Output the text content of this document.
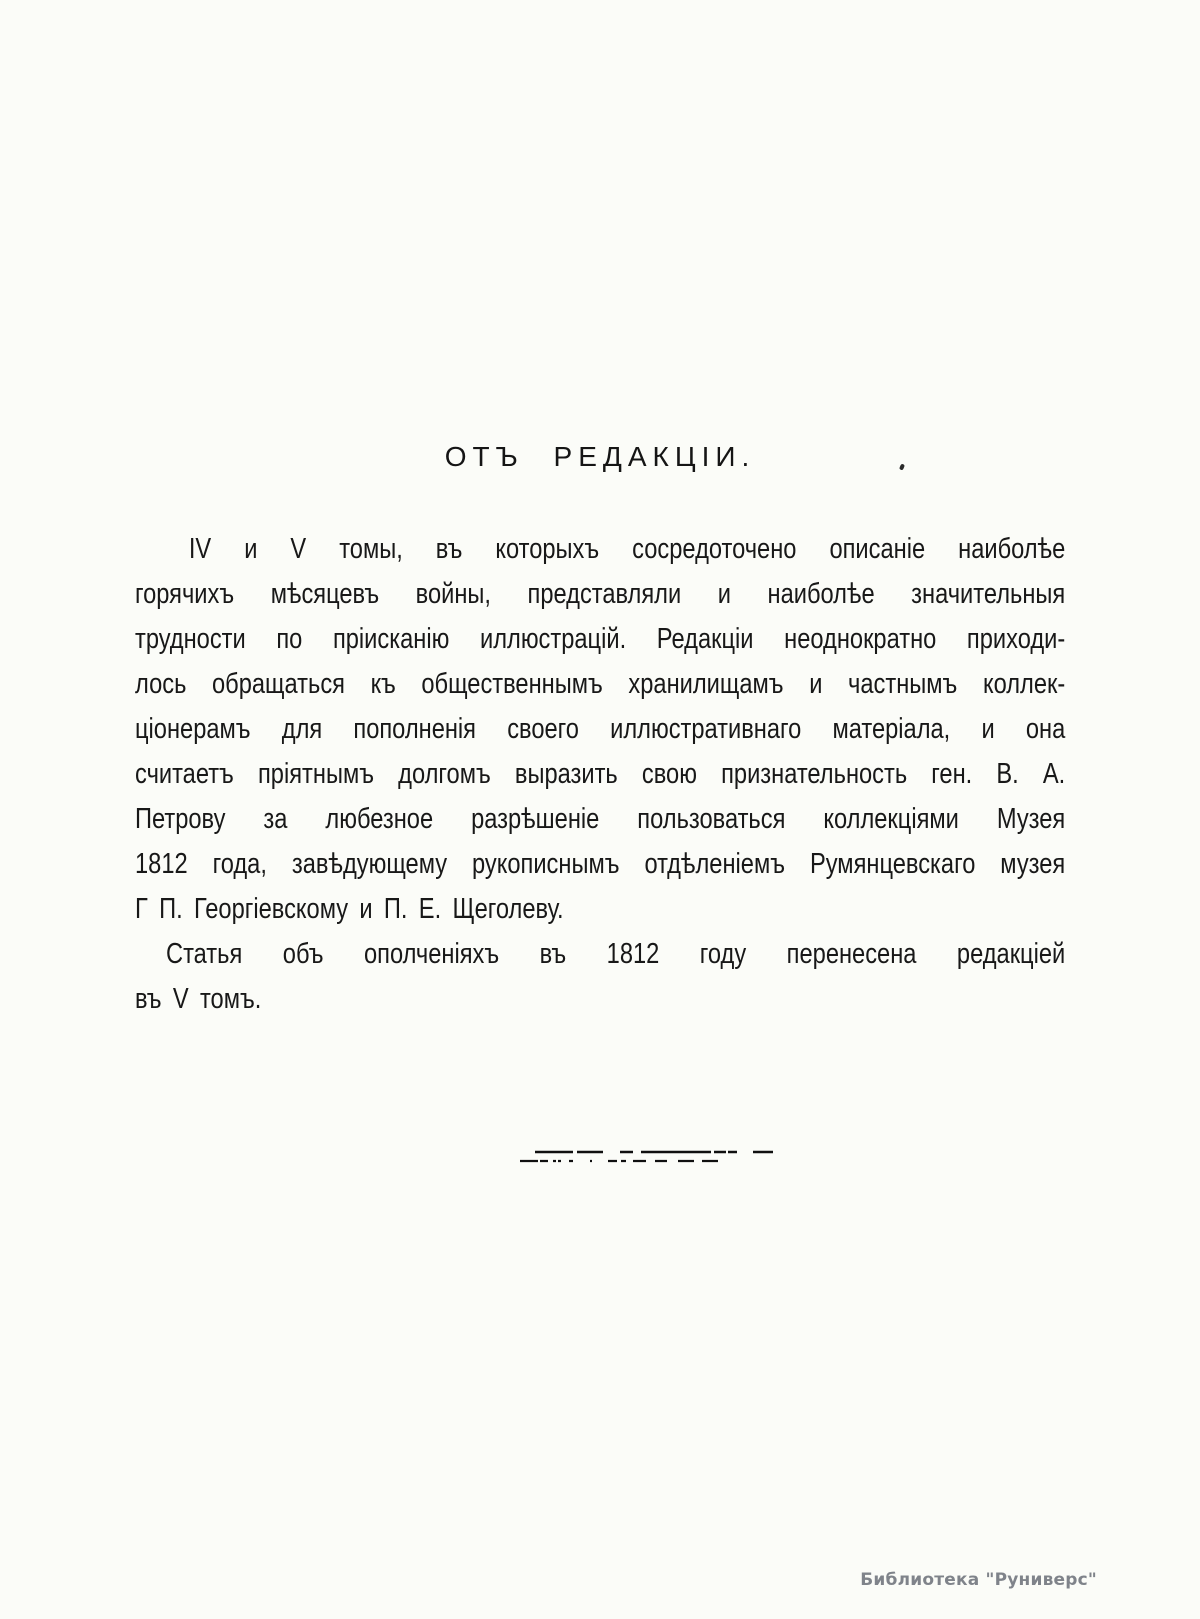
ОТЪ РЕДАКЦІИ.
IV и V томы, въ которыхъ сосредоточено описаніе наиболѣе
горячихъ мѣсяцевъ войны, представляли и наиболѣе значительныя
трудности по пріисканію иллюстрацій. Редакціи неоднократно приходи-
лось обращаться къ общественнымъ хранилищамъ и частнымъ коллек-
ціонерамъ для пополненія своего иллюстративнаго матеріала, и она
считаетъ пріятнымъ долгомъ выразить свою признательность ген. В. А.
Петрову за любезное разрѣшеніе пользоваться коллекціями Музея
1812 года, завѣдующему рукописнымъ отдѣленіемъ Румянцевскаго музея
Г П. Георгіевскому и П. Е. Щеголеву.
Статья объ ополченіяхъ въ 1812 году перенесена редакціей
въ V томъ.
Библиотека "Руниверс"
